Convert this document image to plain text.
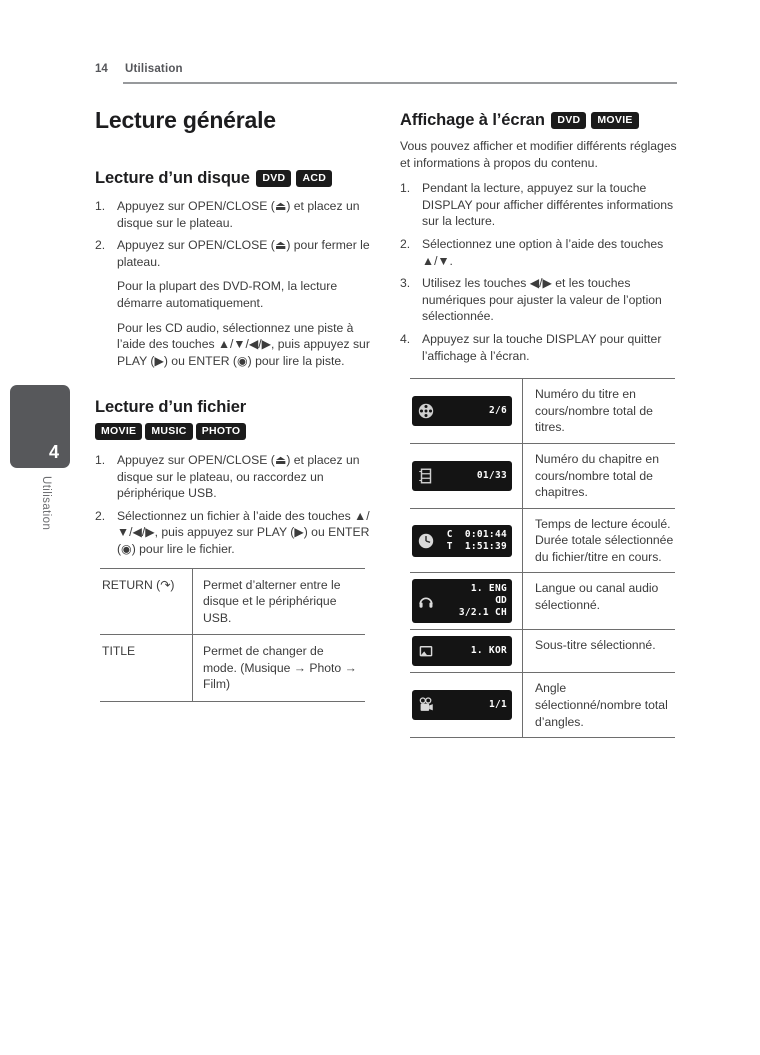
14 Utilisation
4
Utilisation
Lecture générale
Lecture d’un disque DVD ACD
1. Appuyez sur OPEN/CLOSE (⏏) et placez un disque sur le plateau.
2. Appuyez sur OPEN/CLOSE (⏏) pour fermer le plateau.

Pour la plupart des DVD-ROM, la lecture démarre automatiquement.

Pour les CD audio, sélectionnez une piste à l’aide des touches ▲/▼/◀/▶, puis appuyez sur PLAY (▶) ou ENTER (◉) pour lire la piste.

Lecture d’un fichier
MOVIE MUSIC PHOTO
1. Appuyez sur OPEN/CLOSE (⏏) et placez un disque sur le plateau, ou raccordez un périphérique USB.
2. Sélectionnez un fichier à l’aide des touches ▲/▼/◀/▶, puis appuyez sur PLAY (▶) ou ENTER (◉) pour lire le fichier.
RETURN (↷)	Permet d’alterner entre le disque et le périphérique USB.
TITLE	Permet de changer de mode. (Musique → Photo → Film)
Affichage à l’écran DVD MOVIE

Vous pouvez afficher et modifier différents réglages et informations à propos du contenu.

1. Pendant la lecture, appuyez sur la touche DISPLAY pour afficher différentes informations sur la lecture.
2. Sélectionnez une option à l’aide des touches ▲/▼.
3. Utilisez les touches ◀/▶ et les touches numériques pour ajuster la valeur de l’option sélectionnée.
4. Appuyez sur la touche DISPLAY pour quitter l’affichage à l’écran.
2/6	Numéro du titre en cours/nombre total de titres.

01/33	Numéro du chapitre en cours/nombre total de chapitres.

C  0:01:44
T  1:51:39	Temps de lecture écoulé. Durée totale sélectionnée du fichier/titre en cours.

1. ENG
DD
3/2.1 CH	Langue ou canal audio sélectionné.

1. KOR	Sous-titre sélectionné.

1/1	Angle sélectionné/nombre total d’angles.
